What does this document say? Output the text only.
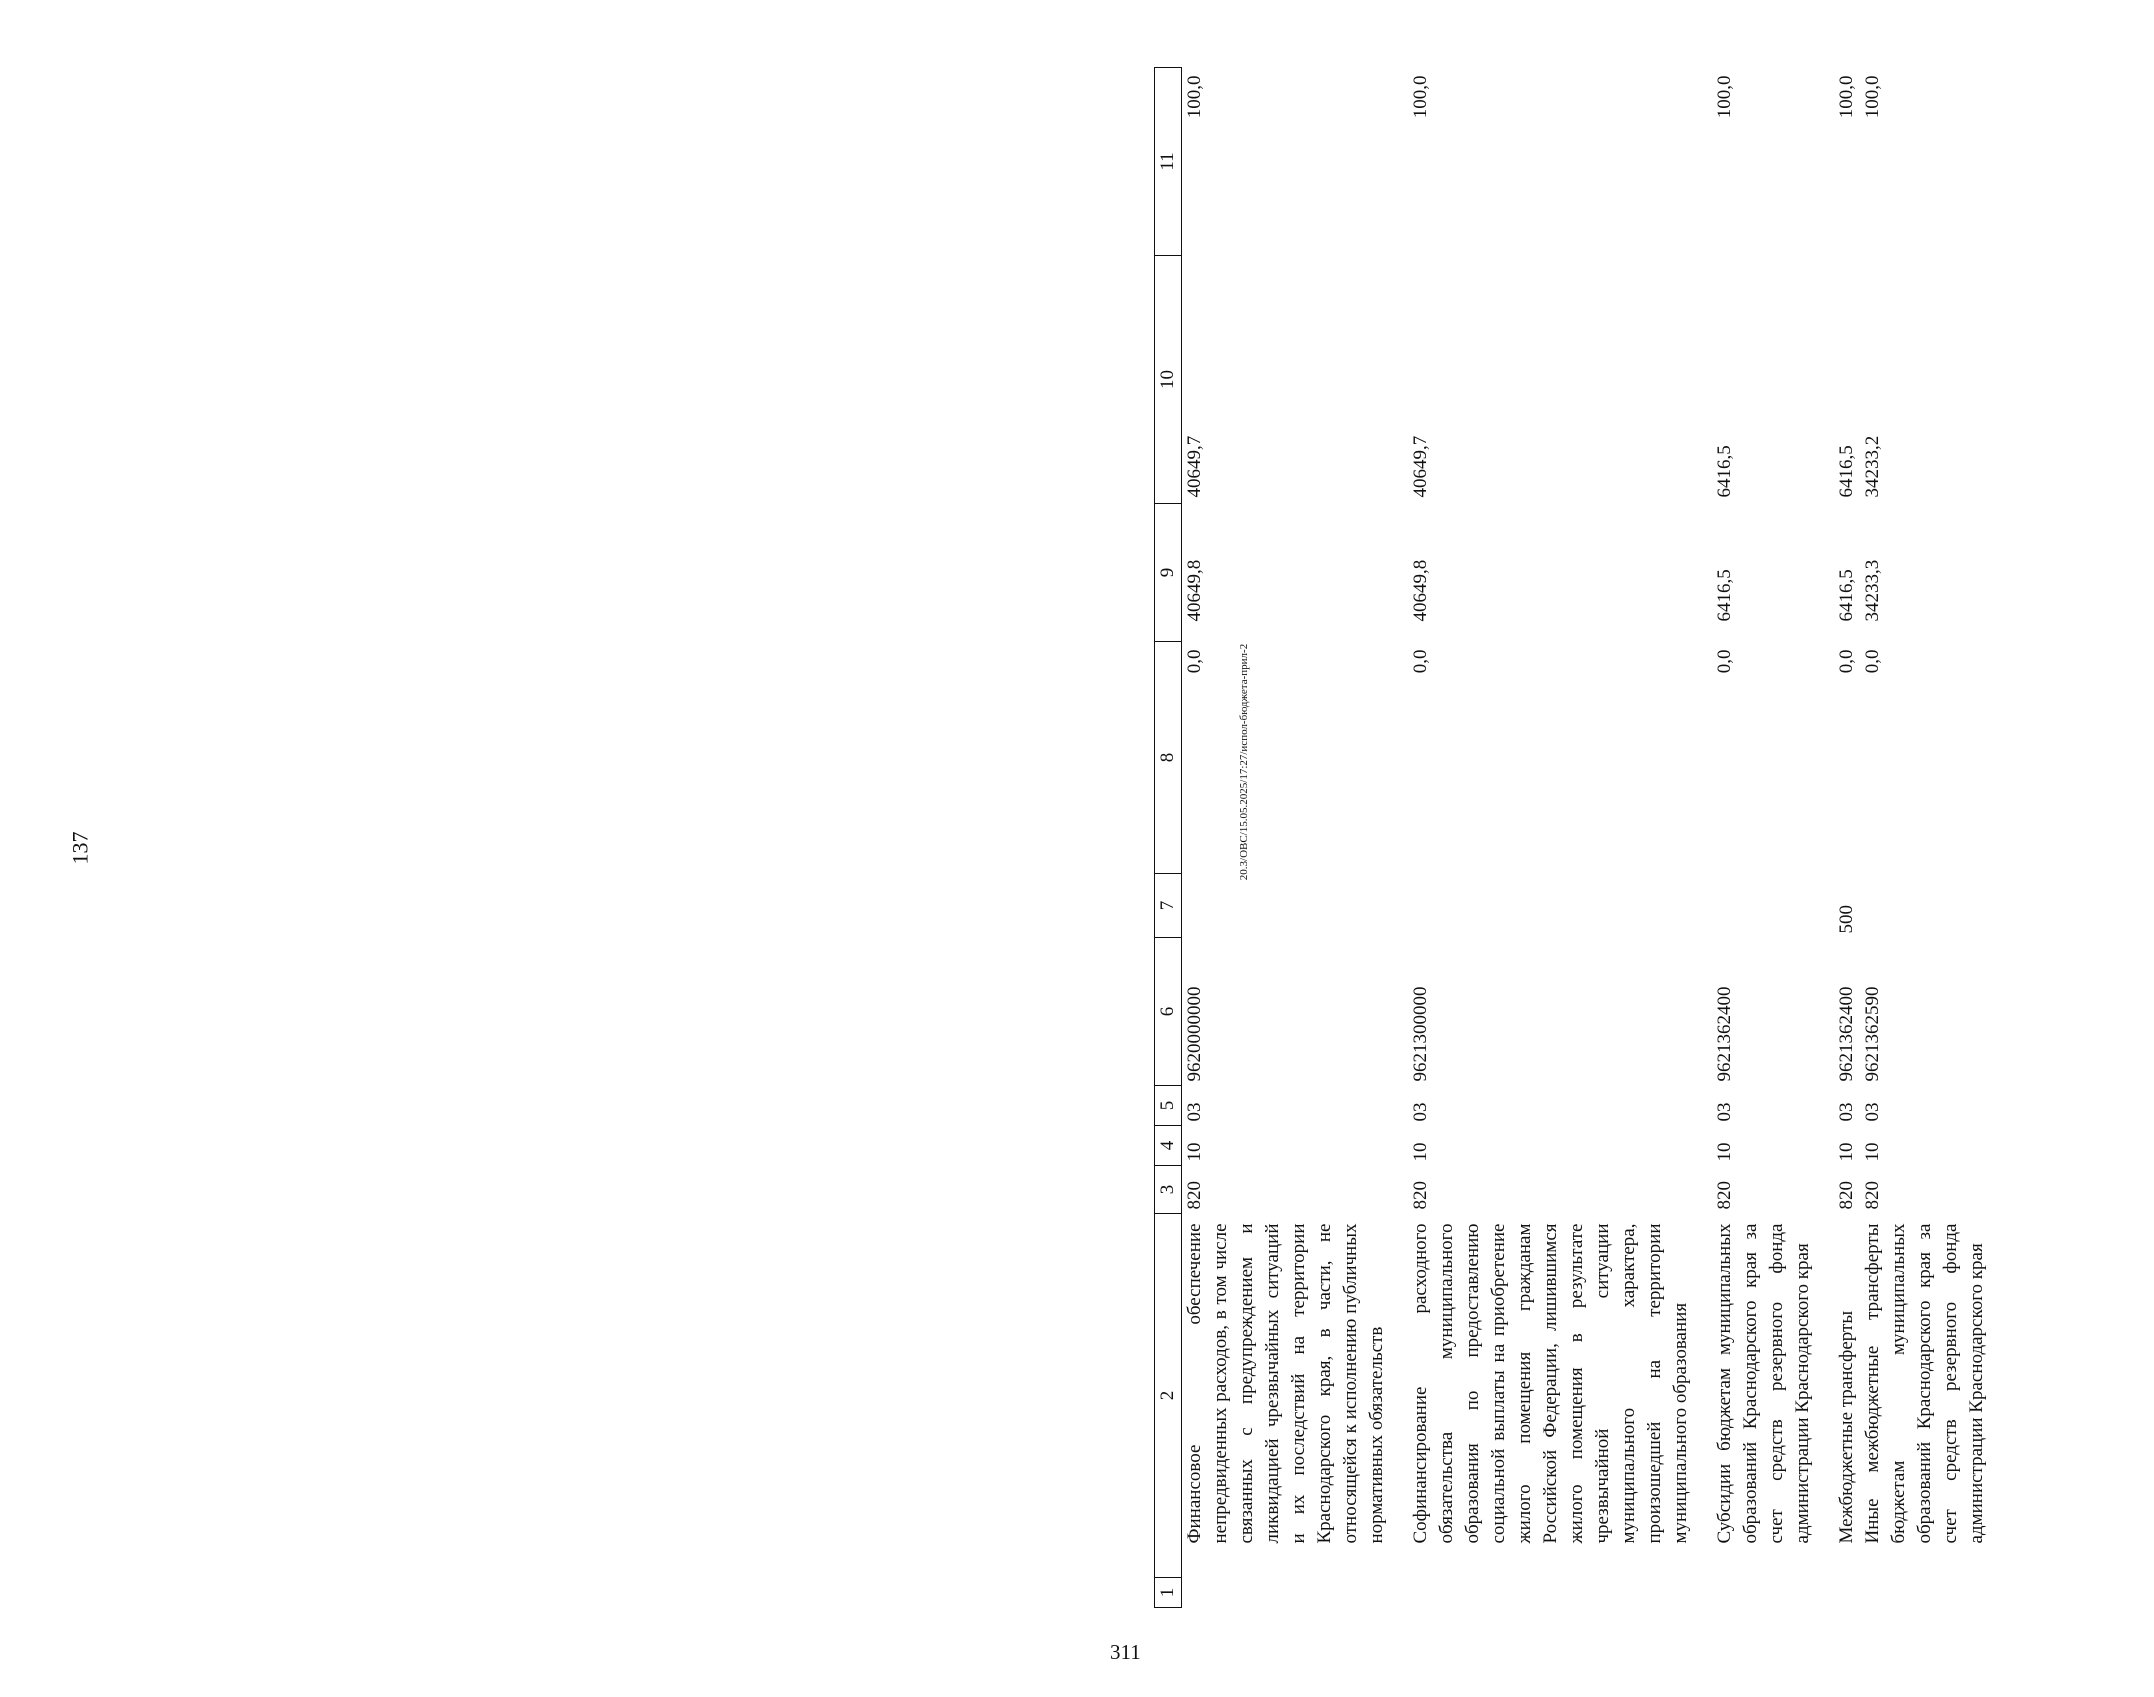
137
311
20.3/ОВС/15.05.2025/17:27/испол-бюджета-прил-2
1	2	3	4	5	6	7	8	9	10	11
	Финансовое обеспечение непредвиденных расходов, в том числе связанных с предупреждением и ликвидацией чрезвычайных ситуаций и их последствий на территории Краснодарского края, в части, не относящейся к исполнению публичных нормативных обязательств	820	10	03	9620000000		0,0	40649,8	40649,7	100,0

	Софинансирование расходного обязательства муниципального образования по предоставлению социальной выплаты на приобретение жилого помещения гражданам Российской Федерации, лишившимся жилого помещения в результате чрезвычайной ситуации муниципального характера, произошедшей на территории муниципального образования	820	10	03	9621300000		0,0	40649,8	40649,7	100,0

	Субсидии бюджетам муниципальных образований Краснодарского края за счет средств резервного фонда администрации Краснодарского края	820	10	03	9621362400		0,0	6416,5	6416,5	100,0

	Межбюджетные трансферты	820	10	03	9621362400	500	0,0	6416,5	6416,5	100,0
	Иные межбюджетные трансферты бюджетам муниципальных образований Краснодарского края за счет средств резервного фонда администрации Краснодарского края	820	10	03	9621362590		0,0	34233,3	34233,2	100,0
